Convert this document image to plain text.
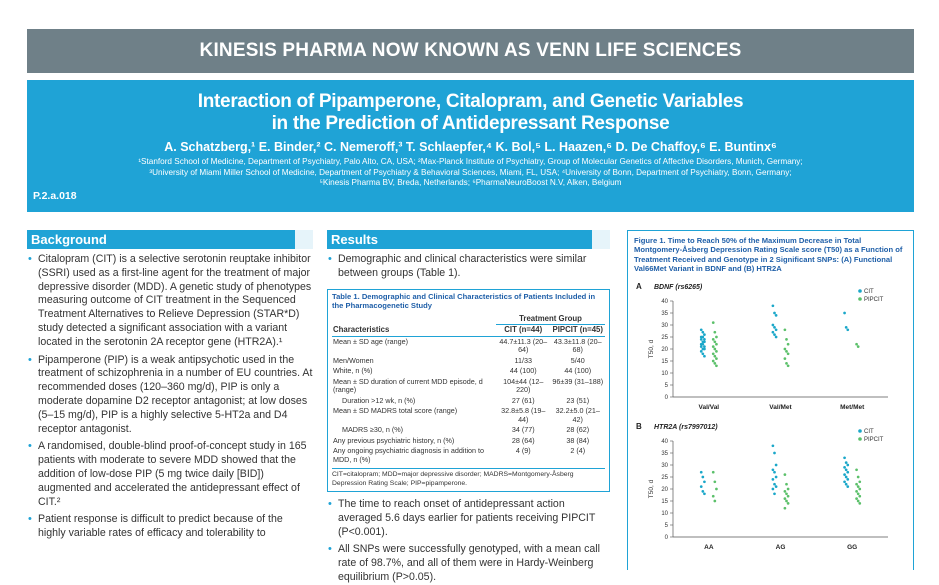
KINESIS PHARMA NOW KNOWN AS VENN LIFE SCIENCES
Interaction of Pipamperone, Citalopram, and Genetic Variables
in the Prediction of Antidepressant Response
A. Schatzberg,¹ E. Binder,² C. Nemeroff,³ T. Schlaepfer,⁴ K. Bol,⁵ L. Haazen,⁶ D. De Chaffoy,⁶ E. Buntinx⁶
¹Stanford School of Medicine, Department of Psychiatry, Palo Alto, CA, USA; ²Max-Planck Institute of Psychiatry, Group of Molecular Genetics of Affective Disorders, Munich, Germany;
³University of Miami Miller School of Medicine, Department of Psychiatry & Behavioral Sciences, Miami, FL, USA; ⁴University of Bonn, Department of Psychiatry, Bonn, Germany;
⁵Kinesis Pharma BV, Breda, Netherlands; ⁶PharmaNeuroBoost N.V, Alken, Belgium
P.2.a.018
Background
• Citalopram (CIT) is a selective serotonin reuptake inhibitor (SSRI) used as a first-line agent for the treatment of major depressive disorder (MDD). A genetic study of phenotypes measuring outcome of CIT treatment in the Sequenced Treatment Alternatives to Relieve Depression (STAR*D) study detected a significant association with a variant located in the serotonin 2A receptor gene (HTR2A).¹
• Pipamperone (PIP) is a weak antipsychotic used in the treatment of schizophrenia in a number of EU countries. At recommended doses (120–360 mg/d), PIP is only a moderate dopamine D2 receptor antagonist; at low doses (5–15 mg/d), PIP is a highly selective 5-HT2a and D4 receptor antagonist.
• A randomised, double-blind proof-of-concept study in 165 patients with moderate to severe MDD showed that the addition of low-dose PIP (5 mg twice daily [BID]) augmented and accelerated the antidepressant effect of CIT.²
• Patient response is difficult to predict because of the highly variable rates of efficacy and tolerability to
Results
• Demographic and clinical characteristics were similar between groups (Table 1).
Table 1. Demographic and Clinical Characteristics of Patients Included in the Pharmacogenetic Study
	Treatment Group	
Characteristics	CIT (n=44)	PIPCIT (n=45)
Mean ± SD age (range)	44.7±11.3 (20–64)	43.3±11.8 (20–68)
Men/Women	11/33	5/40
White, n (%)	44 (100)	44 (100)
Mean ± SD duration of current MDD episode, d (range)	104±44 (12–220)	96±39 (31–188)
Duration >12 wk, n (%)	27 (61)	23 (51)
Mean ± SD MADRS total score (range)	32.8±5.8 (19–44)	32.2±5.0 (21–42)
MADRS ≥30, n (%)	34 (77)	28 (62)
Any previous psychiatric history, n (%)	28 (64)	38 (84)
Any ongoing psychiatric diagnosis in addition to MDD, n (%)	4 (9)	2 (4)
CIT=citalopram; MDD=major depressive disorder; MADRS=Montgomery-Åsberg Depression Rating Scale; PIP=pipamperone.
• The time to reach onset of antidepressant action averaged 5.6 days earlier for patients receiving PIPCIT (P<0.001).
• All SNPs were successfully genotyped, with a mean call rate of 98.7%, and all of them were in Hardy-Weinberg equilibrium (P>0.05).
Figure 1. Time to Reach 50% of the Maximum Decrease in Total Montgomery-Åsberg Depression Rating Scale score (T50) as a Function of Treatment Received and Genotype in 2 Significant SNPs: (A) Functional Val66Met Variant in BDNF and (B) HTR2A
A BDNF (rs6265)
0
5
10
15
20
25
30
35
40
T50, d
Val/Val	Val/Met	Met/Met
CIT
PIPCIT
B HTR2A (rs7997012)
0
5
10
15
20
25
30
35
40
T50, d
AA	AG	GG
CIT
PIPCIT
